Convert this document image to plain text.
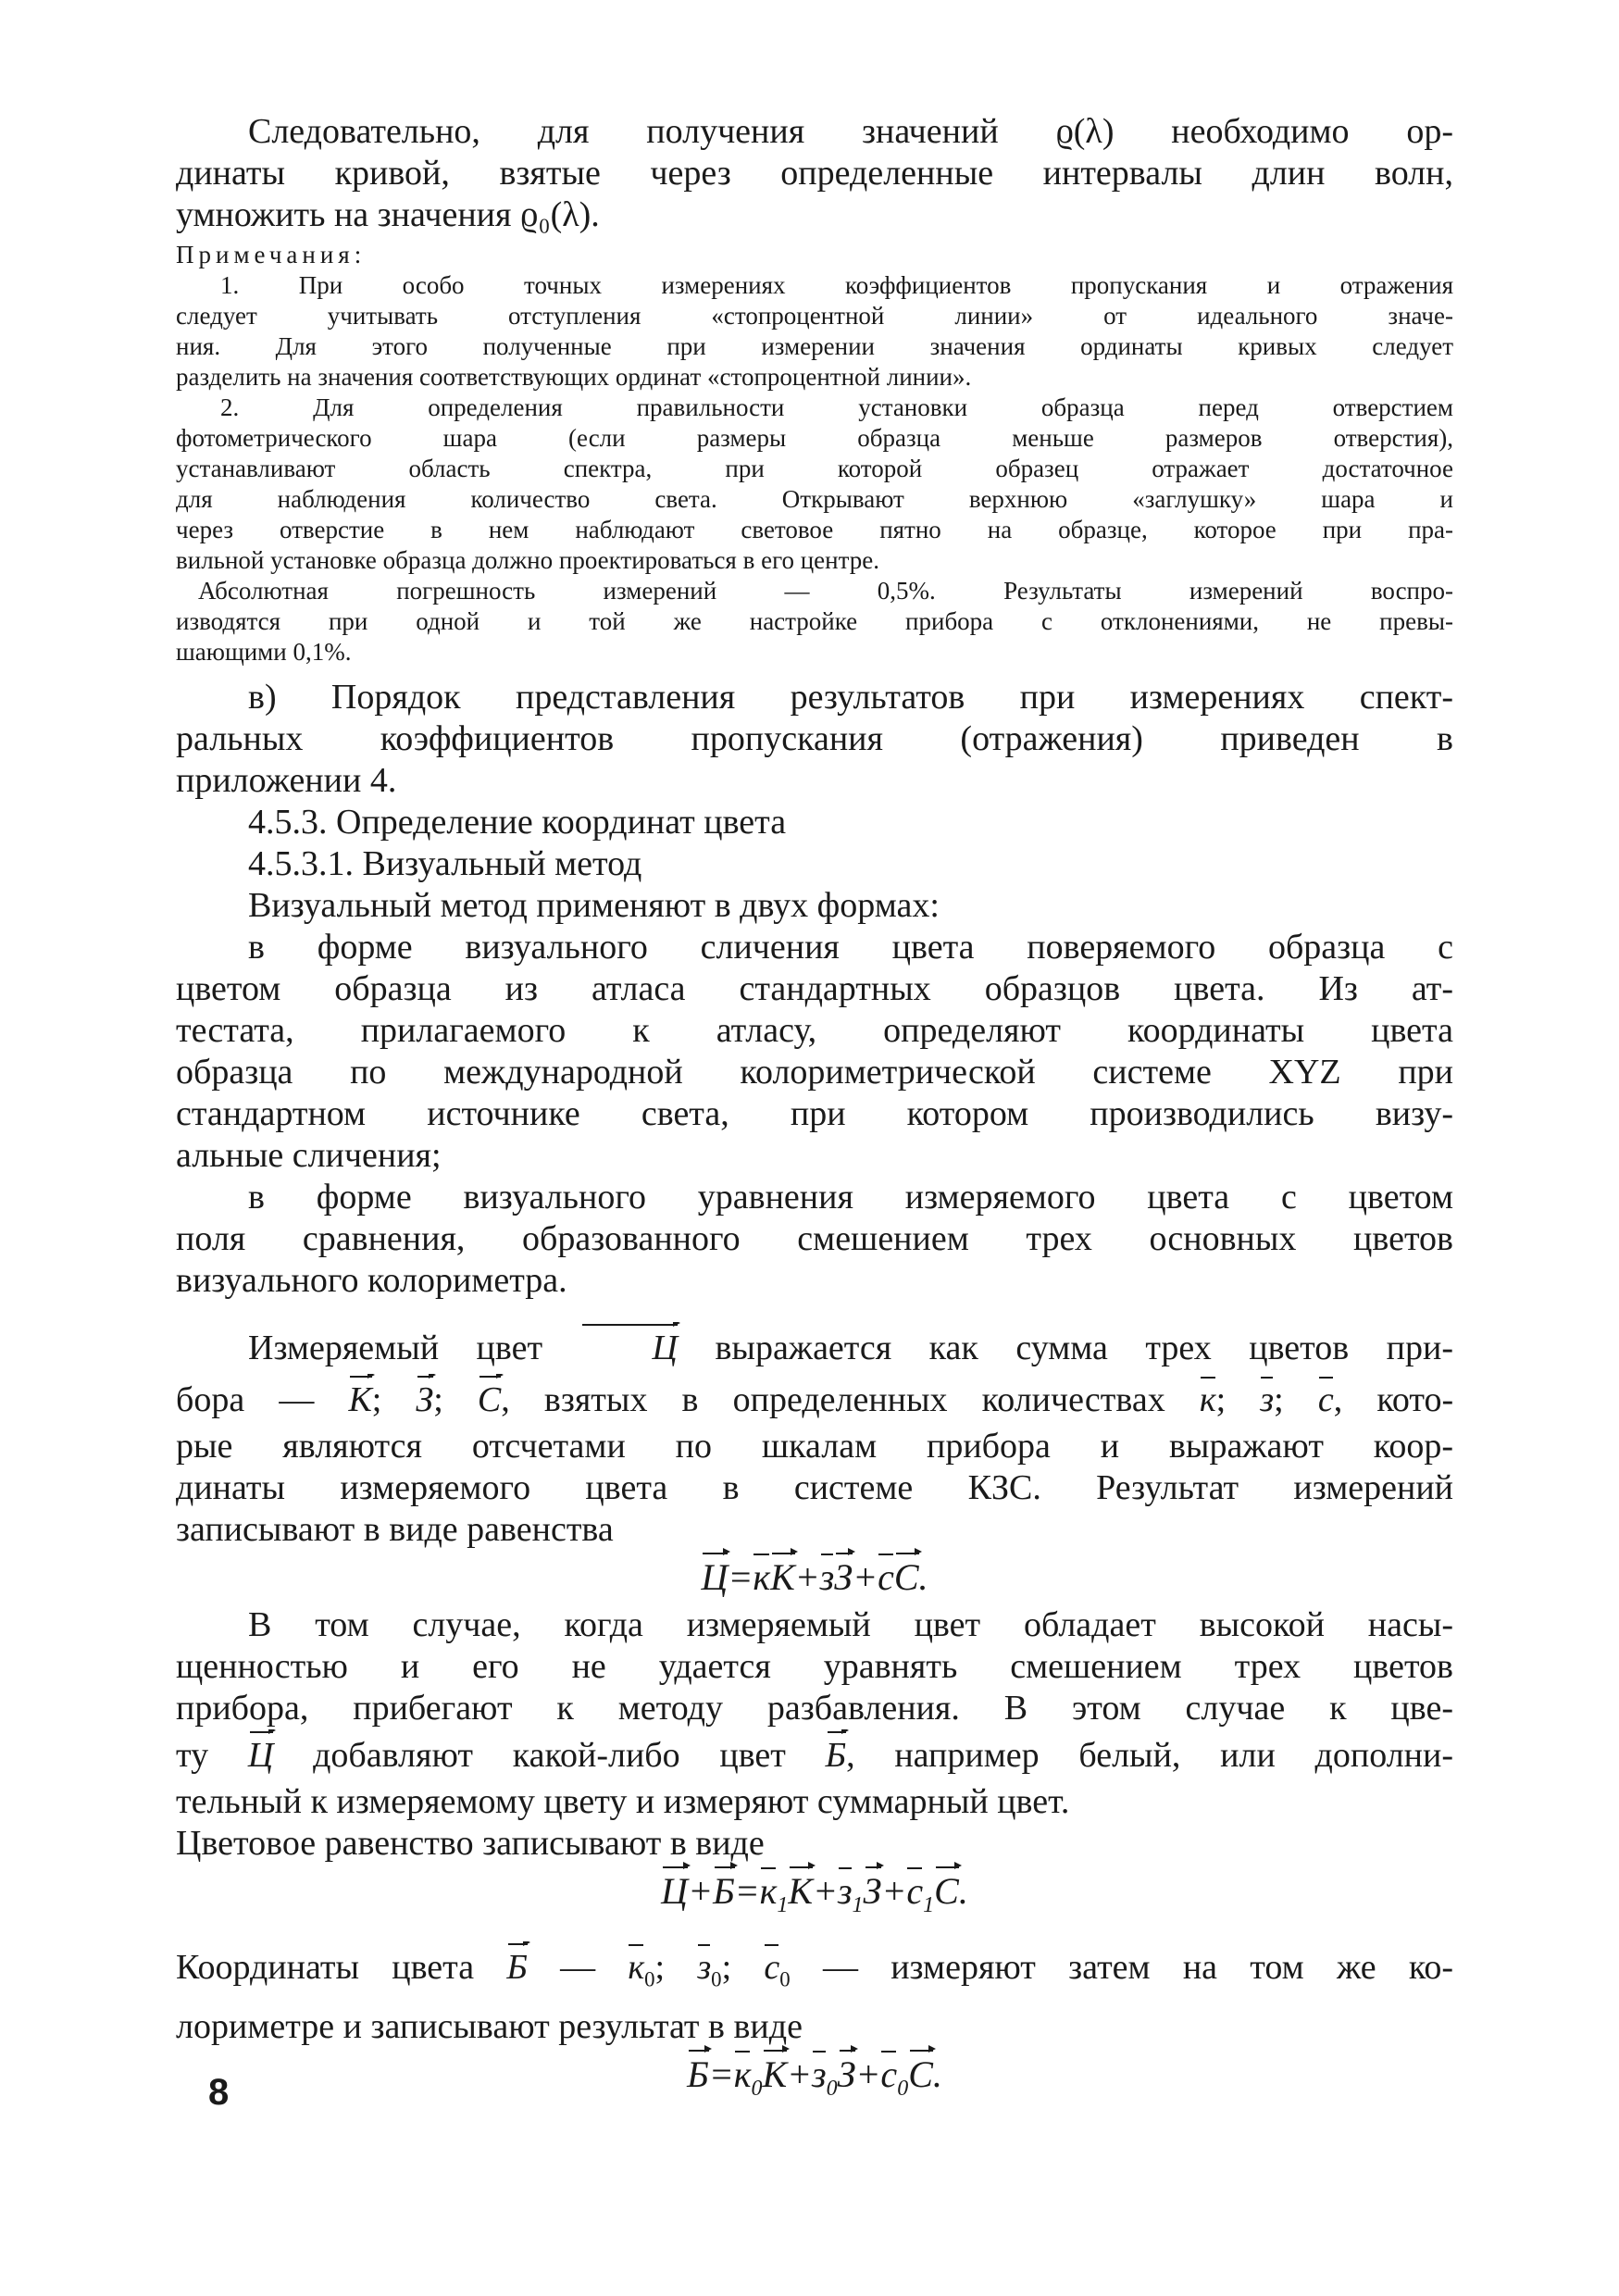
Следовательно, для получения значений ϱ(λ) необходимо ор-
динаты кривой, взятые через определенные интервалы длин волн,
умножить на значения ϱ₀(λ).
Примечания:
1. При особо точных измерениях коэффициентов пропускания и отражения
следует учитывать отступления «стопроцентной линии» от идеального значе-
ния. Для этого полученные при измерении значения ординаты кривых следует
разделить на значения соответствующих ординат «стопроцентной линии».
2. Для определения правильности установки образца перед отверстием
фотометрического шара (если размеры образца меньше размеров отверстия),
устанавливают область спектра, при которой образец отражает достаточное
для наблюдения количество света. Открывают верхнюю «заглушку» шара и
через отверстие в нем наблюдают световое пятно на образце, которое при пра-
вильной установке образца должно проектироваться в его центре.
Абсолютная погрешность измерений — 0,5%. Результаты измерений воспро-
изводятся при одной и той же настройке прибора с отклонениями, не превы-
шающими 0,1%.
в) Порядок представления результатов при измерениях спект-
ральных коэффициентов пропускания (отражения) приведен в
приложении 4.
4.5.3. Определение координат цвета
4.5.3.1. Визуальный метод
Визуальный метод применяют в двух формах:
в форме визуального сличения цвета поверяемого образца с
цветом образца из атласа стандартных образцов цвета. Из ат-
тестата, прилагаемого к атласу, определяют координаты цвета
образца по международной колориметрической системе XYZ при
стандартном источнике света, при котором производились визу-
альные сличения;
в форме визуального уравнения измеряемого цвета с цветом
поля сравнения, образованного смешением трех основных цветов
визуального колориметра.
Измеряемый цвет	Ц выражается как сумма трех цветов при-
бора — К; З; С, взятых в определенных количествах к; з; с, кото-
рые являются отсчетами по шкалам прибора и выражают коор-
динаты измеряемого цвета в системе КЗС. Результат измерений
записывают в виде равенства
Ц=кК+зЗ+сС.
В том случае, когда измеряемый цвет обладает высокой насы-
щенностью и его не удается уравнять смешением трех цветов
прибора, прибегают к методу разбавления. В этом случае к цве-
ту Ц добавляют какой-либо цвет Б, например белый, или дополни-
тельный к измеряемому цвету и измеряют суммарный цвет.
Цветовое равенство записывают в виде
$Ц+Б=к_1К+з_1З+с_1С$.
Координаты цвета Б — $к_0$; $з_0$; $с_0$ — измеряют затем на том же ко-
лориметре и записывают результат в виде
$Б=к_0К+з_0З+с_0С$.
8
